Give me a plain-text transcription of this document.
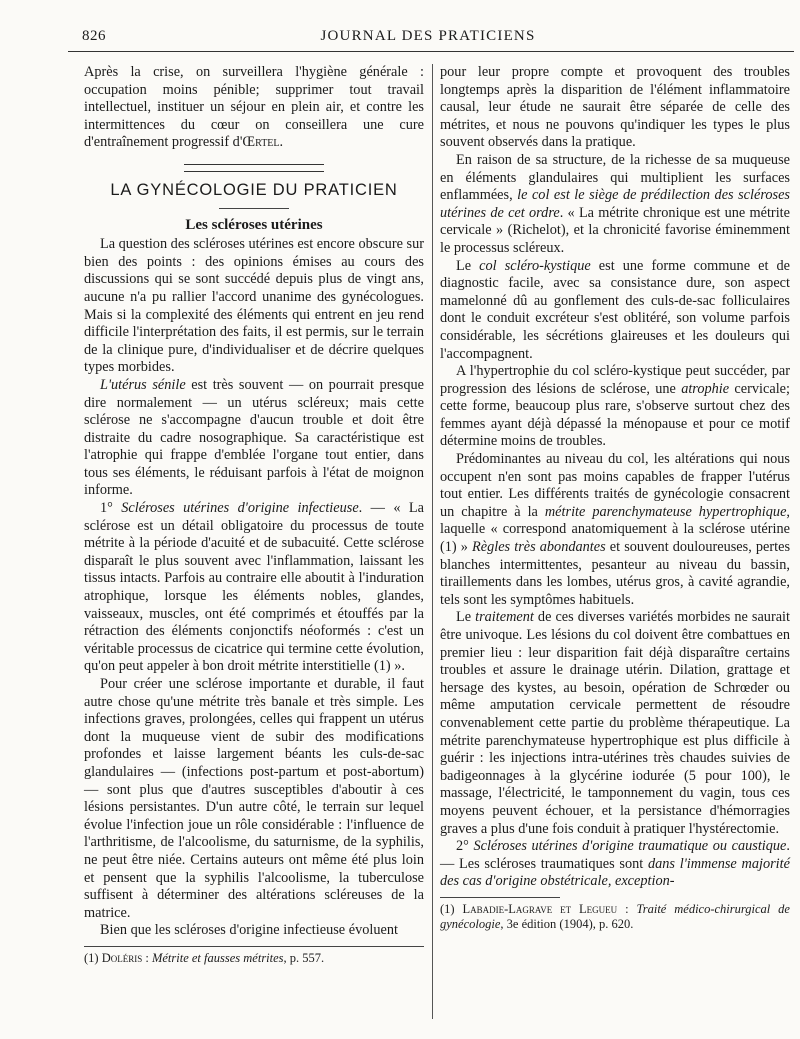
826	JOURNAL DES PRATICIENS

Après la crise, on surveillera l'hygiène générale : occupation moins pénible; supprimer tout travail intellectuel, instituer un séjour en plein air, et contre les intermittences du cœur on conseillera une cure d'entraînement progressif d'Œrtel.

LA GYNÉCOLOGIE DU PRATICIEN
Les scléroses utérines

La question des scléroses utérines est encore obscure sur bien des points : des opinions émises au cours des discussions qui se sont succédé depuis plus de vingt ans, aucune n'a pu rallier l'accord unanime des gynécologues. Mais si la complexité des éléments qui entrent en jeu rend difficile l'interprétation des faits, il est permis, sur le terrain de la clinique pure, d'individualiser et de décrire quelques types morbides.

L'utérus sénile est très souvent — on pourrait presque dire normalement — un utérus scléreux; mais cette sclérose ne s'accompagne d'aucun trouble et doit être distraite du cadre nosographique. Sa caractéristique est l'atrophie qui frappe d'emblée l'organe tout entier, dans tous ses éléments, le réduisant parfois à l'état de moignon informe.

1° Scléroses utérines d'origine infectieuse. — « La sclérose est un détail obligatoire du processus de toute métrite à la période d'acuité et de subacuité. Cette sclérose disparaît le plus souvent avec l'inflammation, laissant les tissus intacts. Parfois au contraire elle aboutit à l'induration atrophique, lorsque les éléments nobles, glandes, vaisseaux, muscles, ont été comprimés et étouffés par la rétraction des éléments conjonctifs néoformés : c'est un véritable processus de cicatrice qui termine cette évolution, qu'on peut appeler à bon droit métrite interstitielle (1) ».

Pour créer une sclérose importante et durable, il faut autre chose qu'une métrite très banale et très simple. Les infections graves, prolongées, celles qui frappent un utérus dont la muqueuse vient de subir des modifications profondes et laisse largement béants les culs-de-sac glandulaires — (infections post-partum et post-abortum) — sont plus que d'autres susceptibles d'aboutir à ces lésions persistantes. D'un autre côté, le terrain sur lequel évolue l'infection joue un rôle considérable : l'influence de l'arthritisme, de l'alcoolisme, du saturnisme, de la syphilis, ne peut être niée. Certains auteurs ont même été plus loin et pensent que la syphilis l'alcoolisme, la tuberculose suffisent à déterminer des altérations scléreuses de la matrice.

Bien que les scléroses d'origine infectieuse évoluent

(1) Doléris : Métrite et fausses métrites, p. 557.

pour leur propre compte et provoquent des troubles longtemps après la disparition de l'élément inflammatoire causal, leur étude ne saurait être séparée de celle des métrites, et nous ne pouvons qu'indiquer les types le plus souvent observés dans la pratique.

En raison de sa structure, de la richesse de sa muqueuse en éléments glandulaires qui multiplient les surfaces enflammées, le col est le siège de prédilection des scléroses utérines de cet ordre. « La métrite chronique est une métrite cervicale » (Richelot), et la chronicité favorise éminemment le processus scléreux.

Le col scléro-kystique est une forme commune et de diagnostic facile, avec sa consistance dure, son aspect mamelonné dû au gonflement des culs-de-sac folliculaires dont le conduit excréteur s'est oblitéré, son volume parfois considérable, les sécrétions glaireuses et les douleurs qui l'accompagnent.

A l'hypertrophie du col scléro-kystique peut succéder, par progression des lésions de sclérose, une atrophie cervicale; cette forme, beaucoup plus rare, s'observe surtout chez des femmes ayant déjà dépassé la ménopause et pour ce motif détermine moins de troubles.

Prédominantes au niveau du col, les altérations qui nous occupent n'en sont pas moins capables de frapper l'utérus tout entier. Les différents traités de gynécologie consacrent un chapitre à la métrite parenchymateuse hypertrophique, laquelle « correspond anatomiquement à la sclérose utérine (1) » Règles très abondantes et souvent douloureuses, pertes blanches intermittentes, pesanteur au niveau du bassin, tiraillements dans les lombes, utérus gros, à cavité agrandie, tels sont les symptômes habituels.

Le traitement de ces diverses variétés morbides ne saurait être univoque. Les lésions du col doivent être combattues en premier lieu : leur disparition fait déjà disparaître certains troubles et assure le drainage utérin. Dilation, grattage et hersage des kystes, au besoin, opération de Schrœder ou même amputation cervicale permettent de résoudre convenablement cette partie du problème thérapeutique. La métrite parenchymateuse hypertrophique est plus difficile à guérir : les injections intra-utérines très chaudes suivies de badigeonnages à la glycérine iodurée (5 pour 100), le massage, l'électricité, le tamponnement du vagin, tous ces moyens peuvent échouer, et la persistance d'hémorragies graves a plus d'une fois conduit à pratiquer l'hystérectomie.

2° Scléroses utérines d'origine traumatique ou caustique. — Les scléroses traumatiques sont dans l'immense majorité des cas d'origine obstétricale, exception-

(1) Labadie-Lagrave et Legueu : Traité médico-chirurgical de gynécologie, 3e édition (1904), p. 620.
